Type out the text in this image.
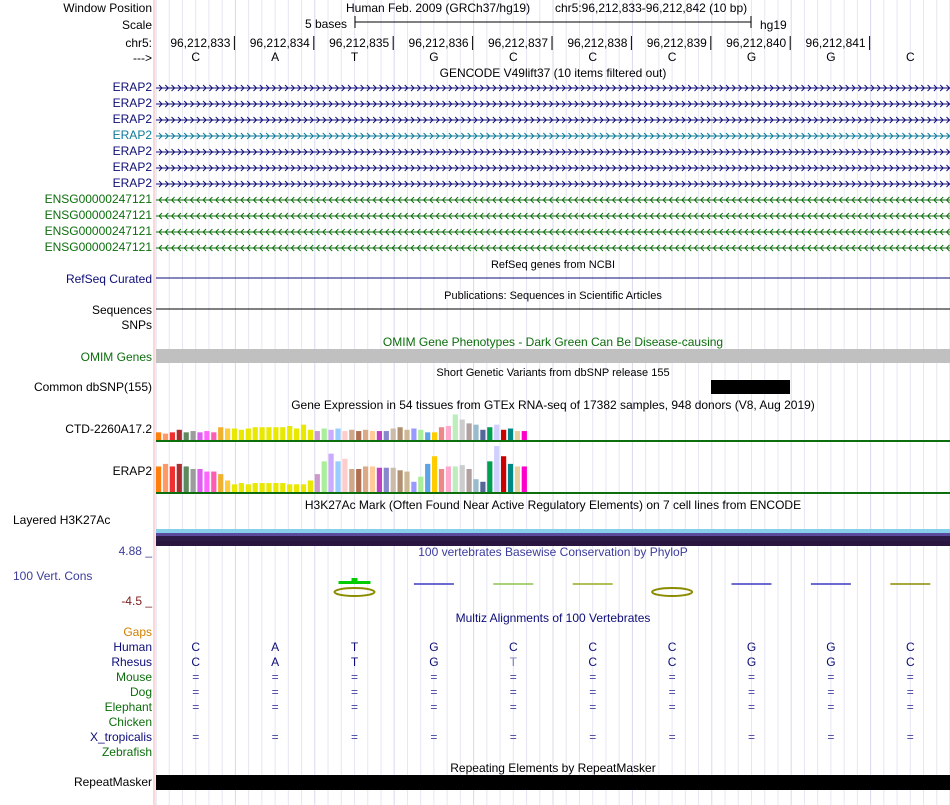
Window Position	Human Feb. 2009 (GRCh37/hg19) chr5:96,212,833-96,212,842 (10 bp)
Scale	5 bases	hg19
chr5:
--->
96,212,833	96,212,834	96,212,835	96,212,836	96,212,837	96,212,838	96,212,839	96,212,840	96,212,841
C	A	T	G	C	C	C	G	G	C
GENCODE V49lift37 (10 items filtered out)
ERAP2
ERAP2
ERAP2
ERAP2
ERAP2
ERAP2
ERAP2
ENSG00000247121
ENSG00000247121
ENSG00000247121
ENSG00000247121
RefSeq genes from NCBI
RefSeq Curated
Publications: Sequences in Scientific Articles
Sequences
SNPs
OMIM Gene Phenotypes - Dark Green Can Be Disease-causing
OMIM Genes
Short Genetic Variants from dbSNP release 155
Common dbSNP(155)
Gene Expression in 54 tissues from GTEx RNA-seq of 17382 samples, 948 donors (V8, Aug 2019)
CTD-2260A17.2
ERAP2
H3K27Ac Mark (Often Found Near Active Regulatory Elements) on 7 cell lines from ENCODE
Layered H3K27Ac
100 vertebrates Basewise Conservation by PhyloP
4.88 _
100 Vert. Cons
-4.5 _
Multiz Alignments of 100 Vertebrates
Gaps
Human	C	A	T	G	C	C	C	G	G	C
Rhesus	C	A	T	G	T	C	C	G	G	C
Mouse	=	=	=	=	=	=	=	=	=	=
Dog	=	=	=	=	=	=	=	=	=	=
Elephant	=	=	=	=	=	=	=	=	=	=
Chicken
X_tropicalis	=	=	=	=	=	=	=	=	=	=
Zebrafish
Repeating Elements by RepeatMasker
RepeatMasker
